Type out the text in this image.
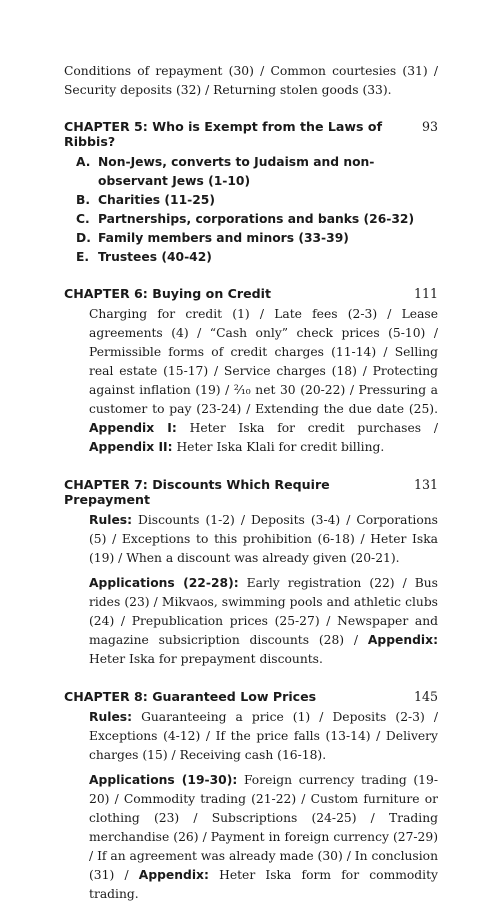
Conditions of repayment (30) / Common courtesies (31) / Security deposits (32) / Returning stolen goods (33).

CHAPTER 5: Who is Exempt from the Laws of Ribbis?
93
A. Non-Jews, converts to Judaism and non-observant Jews (1-10)
B. Charities (11-25)
C. Partnerships, corporations and banks (26-32)
D. Family members and minors (33-39)
E. Trustees (40-42)
CHAPTER 6: Buying on Credit	111

Charging for credit (1) / Late fees (2-3) / Lease agreements (4) / “Cash only” check prices (5-10) / Permissible forms of credit charges (11-14) / Selling real estate (15-17) / Service charges (18) / Protecting against inflation (19) / ²⁄₁₀ net 30 (20-22) / Pressuring a customer to pay (23-24) / Extending the due date (25). Appendix I: Heter Iska for credit purchases / Appendix II: Heter Iska Klali for credit billing.

CHAPTER 7: Discounts Which Require Prepayment
131

Rules: Discounts (1-2) / Deposits (3-4) / Corporations (5) / Exceptions to this prohibition (6-18) / Heter Iska (19) / When a discount was already given (20-21).

Applications (22-28): Early registration (22) / Bus rides (23) / Mikvaos, swimming pools and athletic clubs (24) / Prepublication prices (25-27) / Newspaper and magazine subsicription discounts (28) / Appendix: Heter Iska for prepayment discounts.

CHAPTER 8: Guaranteed Low Prices	145

Rules: Guaranteeing a price (1) / Deposits (2-3) / Exceptions (4-12) / If the price falls (13-14) / Delivery charges (15) / Receiving cash (16-18).

Applications (19-30): Foreign currency trading (19-20) / Commodity trading (21-22) / Custom furniture or clothing (23) / Subscriptions (24-25) / Trading merchandise (26) / Payment in foreign currency (27-29) / If an agreement was already made (30) / In conclusion (31) / Appendix: Heter Iska form for commodity trading.
